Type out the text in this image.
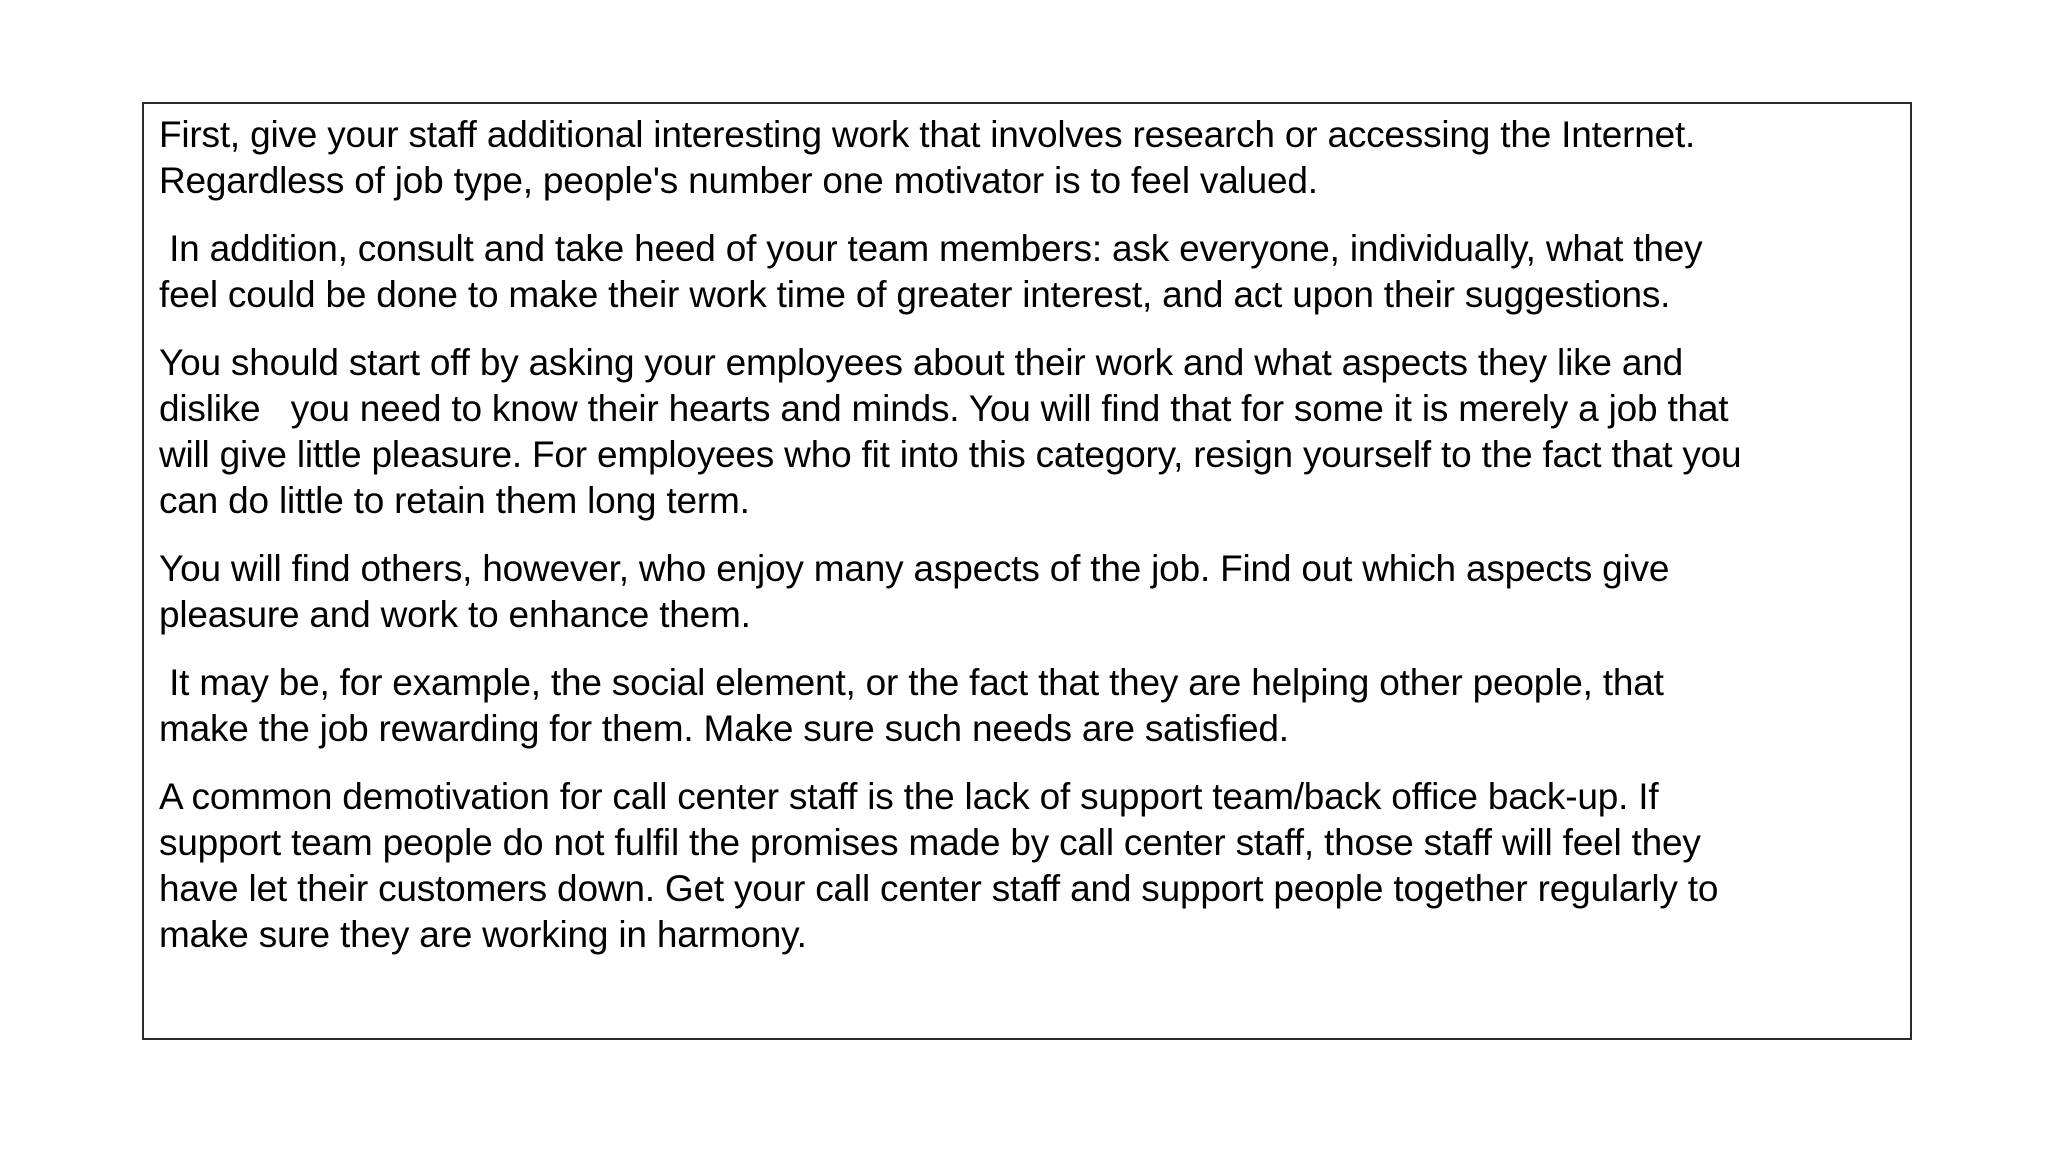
First, give your staff additional interesting work that involves research or accessing the Internet.
Regardless of job type, people's number one motivator is to feel valued.

In addition, consult and take heed of your team members: ask everyone, individually, what they
feel could be done to make their work time of greater interest, and act upon their suggestions.

You should start off by asking your employees about their work and what aspects they like and
dislike   you need to know their hearts and minds. You will find that for some it is merely a job that
will give little pleasure. For employees who fit into this category, resign yourself to the fact that you
can do little to retain them long term.

You will find others, however, who enjoy many aspects of the job. Find out which aspects give
pleasure and work to enhance them.

It may be, for example, the social element, or the fact that they are helping other people, that
make the job rewarding for them. Make sure such needs are satisfied.

A common demotivation for call center staff is the lack of support team/back office back-up. If
support team people do not fulfil the promises made by call center staff, those staff will feel they
have let their customers down. Get your call center staff and support people together regularly to
make sure they are working in harmony.
